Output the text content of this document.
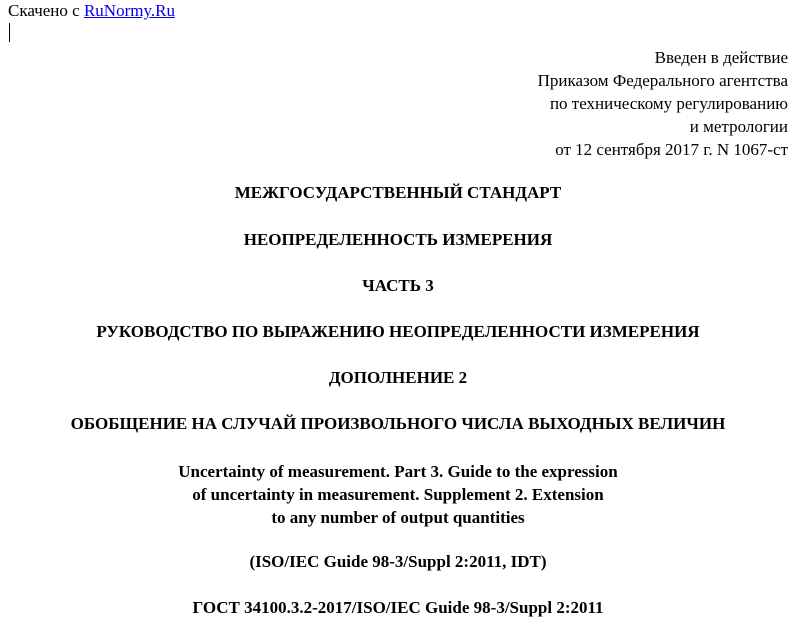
Скачено с RuNormy.Ru
Введен в действие
Приказом Федерального агентства
по техническому регулированию
и метрологии
от 12 сентября 2017 г. N 1067-ст
МЕЖГОСУДАРСТВЕННЫЙ СТАНДАРТ
НЕОПРЕДЕЛЕННОСТЬ ИЗМЕРЕНИЯ
ЧАСТЬ 3
РУКОВОДСТВО ПО ВЫРАЖЕНИЮ НЕОПРЕДЕЛЕННОСТИ ИЗМЕРЕНИЯ
ДОПОЛНЕНИЕ 2
ОБОБЩЕНИЕ НА СЛУЧАЙ ПРОИЗВОЛЬНОГО ЧИСЛА ВЫХОДНЫХ ВЕЛИЧИН
Uncertainty of measurement. Part 3. Guide to the expression
of uncertainty in measurement. Supplement 2. Extension
to any number of output quantities
(ISO/IEC Guide 98-3/Suppl 2:2011, IDT)
ГОСТ 34100.3.2-2017/ISO/IEC Guide 98-3/Suppl 2:2011
